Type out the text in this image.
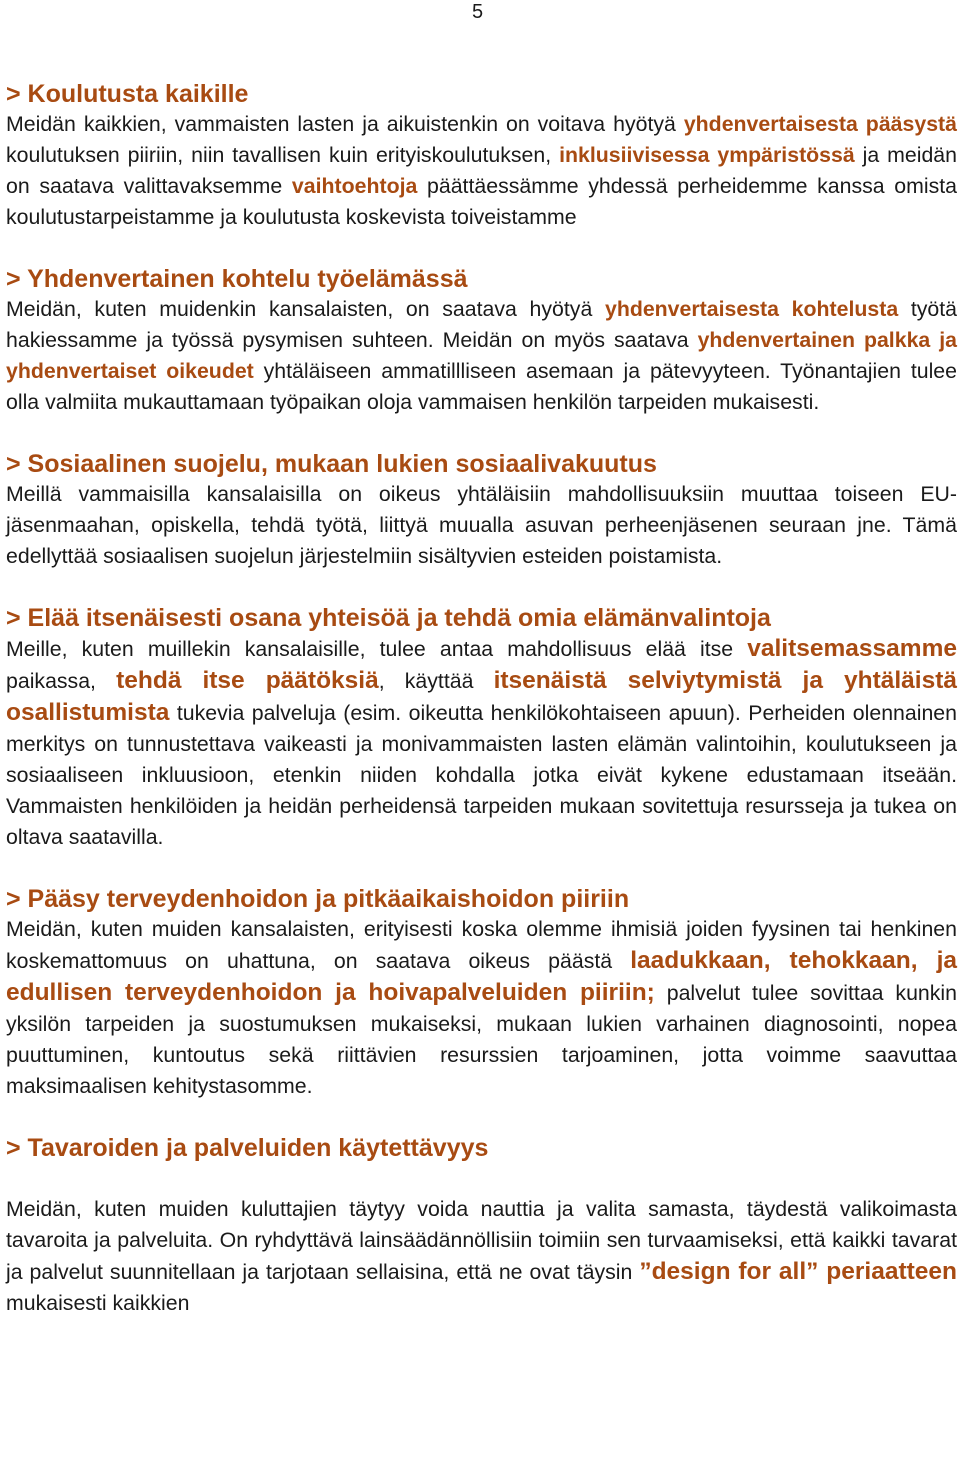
5
> Koulutusta kaikille

Meidän kaikkien, vammaisten lasten ja aikuistenkin on voitava hyötyä yhdenvertaisesta pääsystä koulutuksen piiriin, niin tavallisen kuin erityiskoulutuksen, inklusiivisessa ympäristössä ja meidän on saatava valittavaksemme vaihtoehtoja päättäessämme yhdessä perheidemme kanssa omista koulutustarpeistamme ja koulutusta koskevista toiveistamme

> Yhdenvertainen kohtelu työelämässä

Meidän, kuten muidenkin kansalaisten, on saatava hyötyä yhdenvertaisesta kohtelusta työtä hakiessamme ja työssä pysymisen suhteen. Meidän on myös saatava yhdenvertainen palkka ja yhdenvertaiset oikeudet yhtäläiseen ammatillliseen asemaan ja pätevyyteen. Työnantajien tulee olla valmiita mukauttamaan työpaikan oloja vammaisen henkilön tarpeiden mukaisesti.

> Sosiaalinen suojelu, mukaan lukien sosiaalivakuutus

Meillä vammaisilla kansalaisilla on oikeus yhtäläisiin mahdollisuuksiin muuttaa toiseen EU-jäsenmaahan, opiskella, tehdä työtä, liittyä muualla asuvan perheenjäsenen seuraan jne. Tämä edellyttää sosiaalisen suojelun järjestelmiin sisältyvien esteiden poistamista.

> Elää itsenäisesti osana yhteisöä ja tehdä omia elämänvalintoja

Meille, kuten muillekin kansalaisille, tulee antaa mahdollisuus elää itse valitsemassamme paikassa, tehdä itse päätöksiä, käyttää itsenäistä selviytymistä ja yhtäläistä osallistumista tukevia palveluja (esim. oikeutta henkilökohtaiseen apuun). Perheiden olennainen merkitys on tunnustettava vaikeasti ja monivammaisten lasten elämän valintoihin, koulutukseen ja sosiaaliseen inkluusioon, etenkin niiden kohdalla jotka eivät kykene edustamaan itseään. Vammaisten henkilöiden ja heidän perheidensä tarpeiden mukaan sovitettuja resursseja ja tukea on oltava saatavilla.

> Pääsy terveydenhoidon ja pitkäaikaishoidon piiriin

Meidän, kuten muiden kansalaisten, erityisesti koska olemme ihmisiä joiden fyysinen tai henkinen koskemattomuus on uhattuna, on saatava oikeus päästä laadukkaan, tehokkaan, ja edullisen terveydenhoidon ja hoivapalveluiden piiriin; palvelut tulee sovittaa kunkin yksilön tarpeiden ja suostumuksen mukaiseksi, mukaan lukien varhainen diagnosointi, nopea puuttuminen, kuntoutus sekä riittävien resurssien tarjoaminen, jotta voimme saavuttaa maksimaalisen kehitystasomme.

> Tavaroiden ja palveluiden käytettävyys

Meidän, kuten muiden kuluttajien täytyy voida nauttia ja valita samasta, täydestä valikoimasta tavaroita ja palveluita. On ryhdyttävä lainsäädännöllisiin toimiin sen turvaamiseksi, että kaikki tavarat ja palvelut suunnitellaan ja tarjotaan sellaisina, että ne ovat täysin ”design for all” periaatteen mukaisesti kaikkien
